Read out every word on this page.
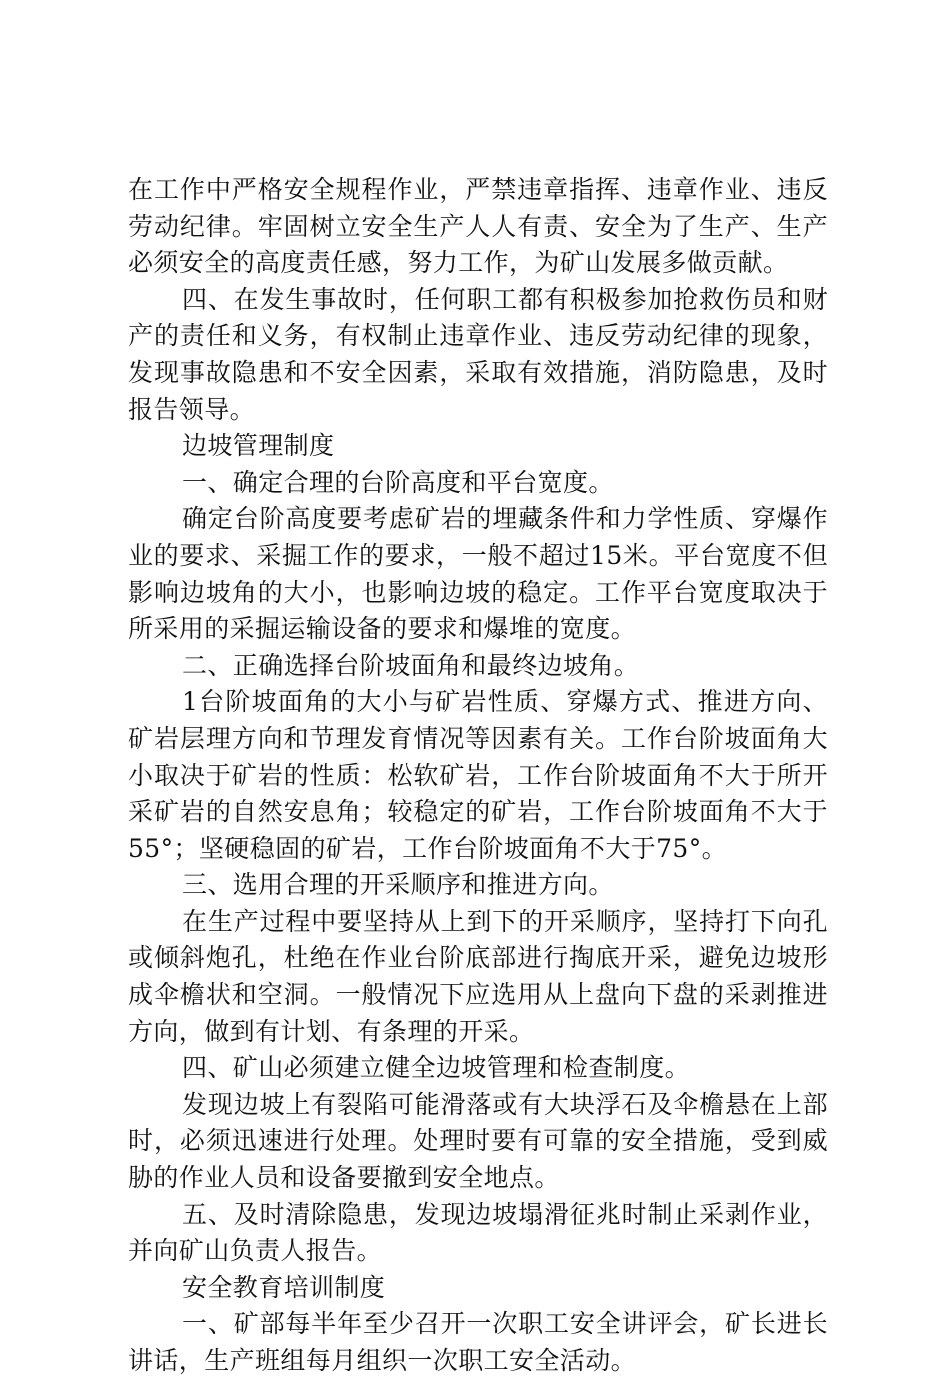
在工作中严格安全规程作业，严禁违章指挥、违章作业、违反劳动纪律。牢固树立安全生产人人有责、安全为了生产、生产必须安全的高度责任感，努力工作，为矿山发展多做贡献。

四、在发生事故时，任何职工都有积极参加抢救伤员和财产的责任和义务，有权制止违章作业、违反劳动纪律的现象，发现事故隐患和不安全因素，采取有效措施，消防隐患，及时报告领导。

边坡管理制度

一、确定合理的台阶高度和平台宽度。

确定台阶高度要考虑矿岩的埋藏条件和力学性质、穿爆作业的要求、采掘工作的要求，一般不超过15米。平台宽度不但影响边坡角的大小，也影响边坡的稳定。工作平台宽度取决于所采用的采掘运输设备的要求和爆堆的宽度。

二、正确选择台阶坡面角和最终边坡角。

1台阶坡面角的大小与矿岩性质、穿爆方式、推进方向、矿岩层理方向和节理发育情况等因素有关。工作台阶坡面角大小取决于矿岩的性质：松软矿岩，工作台阶坡面角不大于所开采矿岩的自然安息角；较稳定的矿岩，工作台阶坡面角不大于55°；坚硬稳固的矿岩，工作台阶坡面角不大于75°。

三、选用合理的开采顺序和推进方向。

在生产过程中要坚持从上到下的开采顺序，坚持打下向孔或倾斜炮孔，杜绝在作业台阶底部进行掏底开采，避免边坡形成伞檐状和空洞。一般情况下应选用从上盘向下盘的采剥推进方向，做到有计划、有条理的开采。

四、矿山必须建立健全边坡管理和检查制度。

发现边坡上有裂陷可能滑落或有大块浮石及伞檐悬在上部时，必须迅速进行处理。处理时要有可靠的安全措施，受到威胁的作业人员和设备要撤到安全地点。

五、及时清除隐患，发现边坡塌滑征兆时制止采剥作业，并向矿山负责人报告。

安全教育培训制度

一、矿部每半年至少召开一次职工安全讲评会，矿长进长讲话，生产班组每月组织一次职工安全活动。
